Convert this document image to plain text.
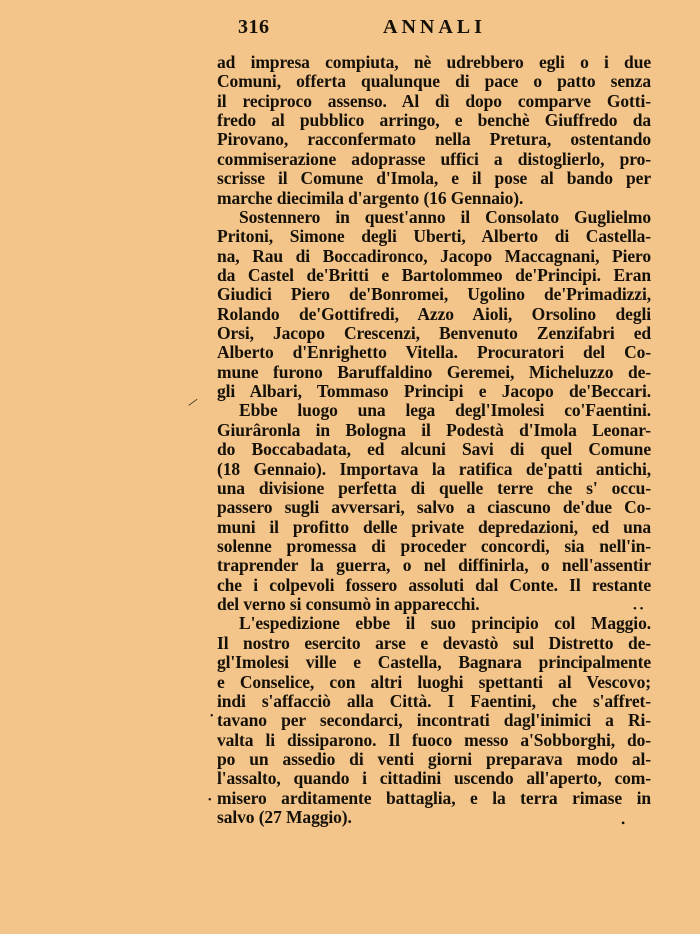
316	ANNALI
ad impresa compiuta, nè udrebbero egli o i due
Comuni, offerta qualunque di pace o patto senza
il reciproco assenso. Al dì dopo comparve Gotti-
fredo al pubblico arringo, e benchè Giuffredo da
Pirovano, racconfermato nella Pretura, ostentando
commiserazione adoprasse uffici a distoglierlo, pro-
scrisse il Comune d'Imola, e il pose al bando per
marche diecimila d'argento (16 Gennaio).
Sostennero in quest'anno il Consolato Guglielmo
Pritoni, Simone degli Uberti, Alberto di Castella-
na, Rau di Boccadironco, Jacopo Maccagnani, Piero
da Castel de'Britti e Bartolommeo de'Principi. Eran
Giudici Piero de'Bonromei, Ugolino de'Primadizzi,
Rolando de'Gottifredi, Azzo Aioli, Orsolino degli
Orsi, Jacopo Crescenzi, Benvenuto Zenzifabri ed
Alberto d'Enrighetto Vitella. Procuratori del Co-
mune furono Baruffaldino Geremei, Micheluzzo de-
gli Albari, Tommaso Principi e Jacopo de'Beccari.
Ebbe luogo una lega degl'Imolesi co'Faentini.
Giurâronla in Bologna il Podestà d'Imola Leonar-
do Boccabadata, ed alcuni Savi di quel Comune
(18 Gennaio). Importava la ratifica de'patti antichi,
una divisione perfetta di quelle terre che s' occu-
passero sugli avversari, salvo a ciascuno de'due Co-
muni il profitto delle private depredazioni, ed una
solenne promessa di proceder concordi, sia nell'in-
traprender la guerra, o nel diffinirla, o nell'assentir
che i colpevoli fossero assoluti dal Conte. Il restante
del verno si consumò in apparecchi.
L'espedizione ebbe il suo principio col Maggio.
Il nostro esercito arse e devastò sul Distretto de-
gl'Imolesi ville e Castella, Bagnara principalmente
e Conselice, con altri luoghi spettanti al Vescovo;
indi s'affacciò alla Città. I Faentini, che s'affret-
tavano per secondarci, incontrati dagl'inimici a Ri-
valta li dissiparono. Il fuoco messo a'Sobborghi, do-
po un assedio di venti giorni preparava modo al-
l'assalto, quando i cittadini uscendo all'aperto, com-
misero arditamente battaglia, e la terra rimase in
salvo (27 Maggio).
/
• •
•
•
•
